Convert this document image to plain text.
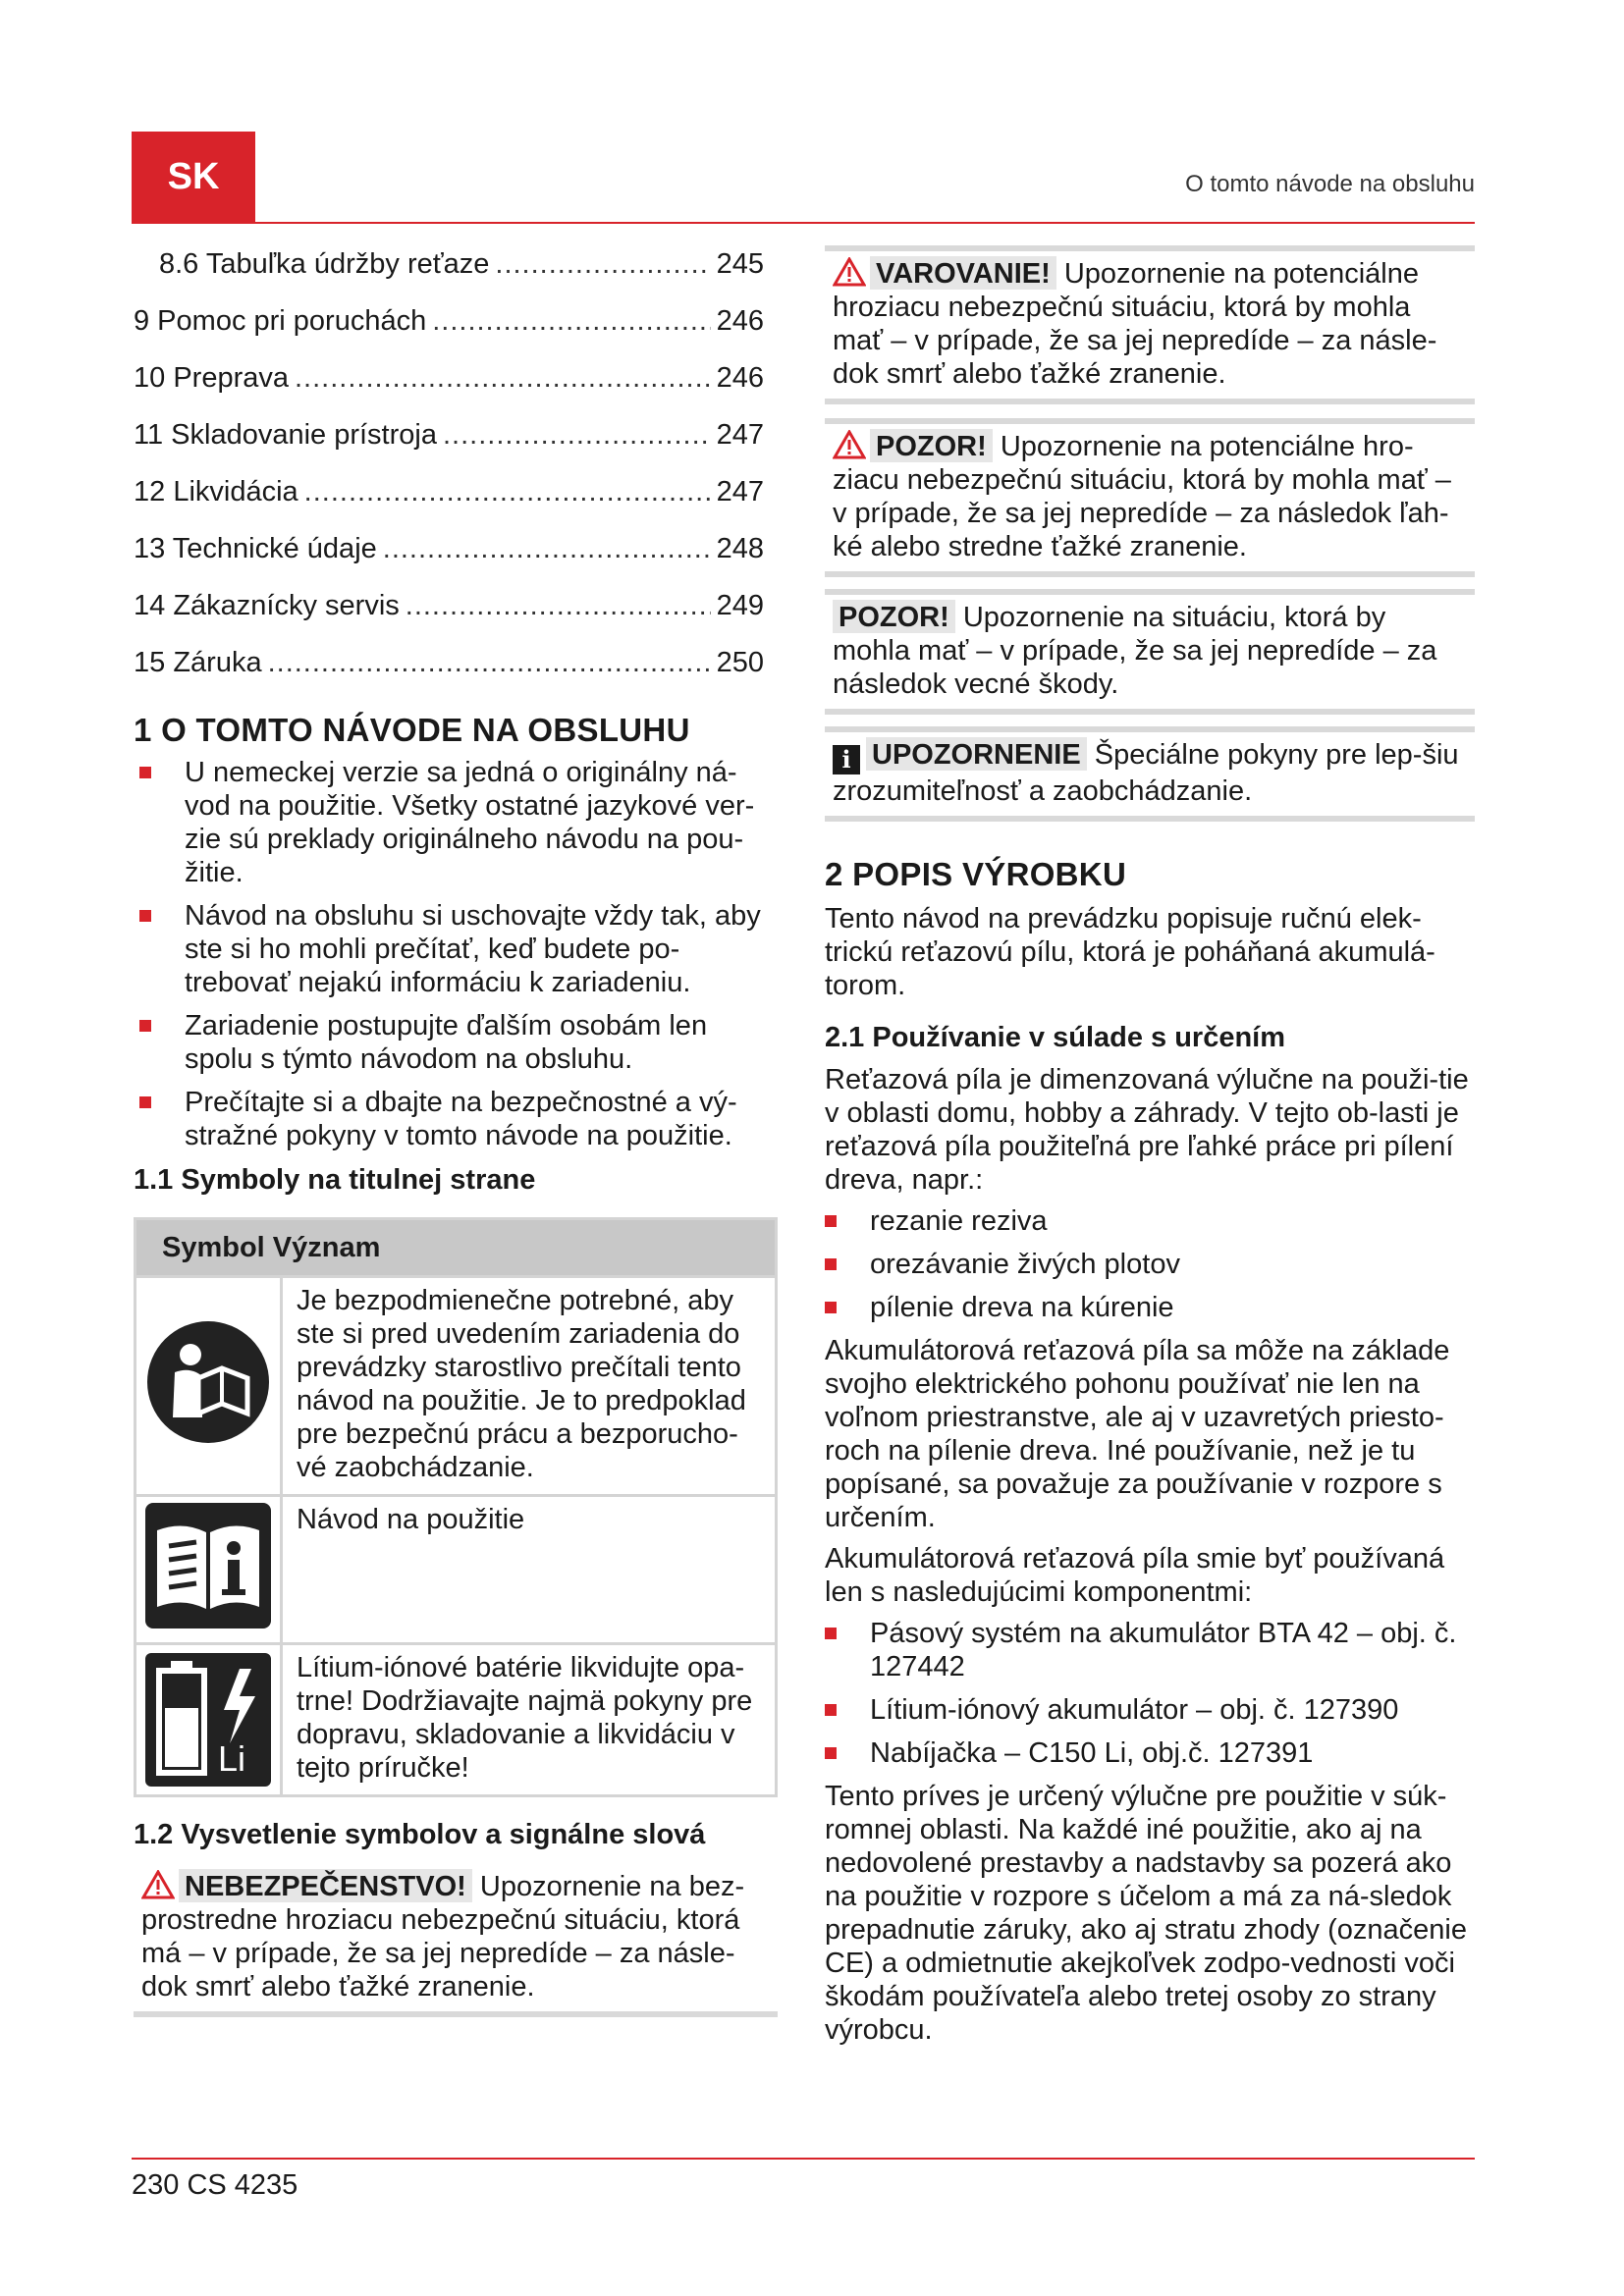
SK	O tomto návode na obsluhu
8.6 Tabuľka údržby reťaze .....	245
9 Pomoc pri poruchách .....	246
10 Preprava .....	246
11 Skladovanie prístroja .....	247
12 Likvidácia .....	247
13 Technické údaje .....	248
14 Zákaznícky servis .....	249
15 Záruka .....	250
1 O TOMTO NÁVODE NA OBSLUHU
U nemeckej verzie sa jedná o originálny ná-vod na použitie. Všetky ostatné jazykové ver-zie sú preklady originálneho návodu na pou-žitie.
Návod na obsluhu si uschovajte vždy tak, aby ste si ho mohli prečítať, keď budete po-trebovať nejakú informáciu k zariadeniu.
Zariadenie postupujte ďalším osobám len spolu s týmto návodom na obsluhu.
Prečítajte si a dbajte na bezpečnostné a vý-stražné pokyny v tomto návode na použitie.
1.1 Symboly na titulnej strane
Symbol Význam	
	Je bezpodmienečne potrebné, aby ste si pred uvedením zariadenia do prevádzky starostlivo prečítali tento návod na použitie. Je to predpoklad pre bezpečnú prácu a bezporucho-vé zaobchádzanie.
	Návod na použitie

Li	Lítium-iónové batérie likvidujte opa-trne! Dodržiavajte najmä pokyny pre dopravu, skladovanie a likvidáciu v tejto príručke!
1.2 Vysvetlenie symbolov a signálne slová
NEBEZPEČENSTVO! Upozornenie na bez-prostredne hroziacu nebezpečnú situáciu, ktorá má – v prípade, že sa jej nepredíde – za násle-dok smrť alebo ťažké zranenie.
VAROVANIE! Upozornenie na potenciálne hroziacu nebezpečnú situáciu, ktorá by mohla mať – v prípade, že sa jej nepredíde – za násle-dok smrť alebo ťažké zranenie.
POZOR! Upozornenie na potenciálne hro-ziacu nebezpečnú situáciu, ktorá by mohla mať – v prípade, že sa jej nepredíde – za následok ľah-ké alebo stredne ťažké zranenie.
POZOR! Upozornenie na situáciu, ktorá by mohla mať – v prípade, že sa jej nepredíde – za následok vecné škody.
i UPOZORNENIE Špeciálne pokyny pre lep-šiu zrozumiteľnosť a zaobchádzanie.
2 POPIS VÝROBKU

Tento návod na prevádzku popisuje ručnú elek-trickú reťazovú pílu, ktorá je poháňaná akumulá-torom.

2.1 Používanie v súlade s určením

Reťazová píla je dimenzovaná výlučne na použi-tie v oblasti domu, hobby a záhrady. V tejto ob-lasti je reťazová píla použiteľná pre ľahké práce pri pílení dreva, napr.:

rezanie reziva
orezávanie živých plotov
pílenie dreva na kúrenie

Akumulátorová reťazová píla sa môže na základe svojho elektrického pohonu používať nie len na voľnom priestranstve, ale aj v uzavretých priesto-roch na pílenie dreva. Iné používanie, než je tu popísané, sa považuje za používanie v rozpore s určením.

Akumulátorová reťazová píla smie byť používaná len s nasledujúcimi komponentmi:

Pásový systém na akumulátor BTA 42 – obj. č. 127442
Lítium-iónový akumulátor – obj. č. 127390
Nabíjačka – C150 Li, obj.č. 127391

Tento príves je určený výlučne pre použitie v súk-romnej oblasti. Na každé iné použitie, ako aj na nedovolené prestavby a nadstavby sa pozerá ako na použitie v rozpore s účelom a má za ná-sledok prepadnutie záruky, ako aj stratu zhody (označenie CE) a odmietnutie akejkoľvek zodpo-vednosti voči škodám používateľa alebo tretej osoby zo strany výrobcu.

230 CS 4235
